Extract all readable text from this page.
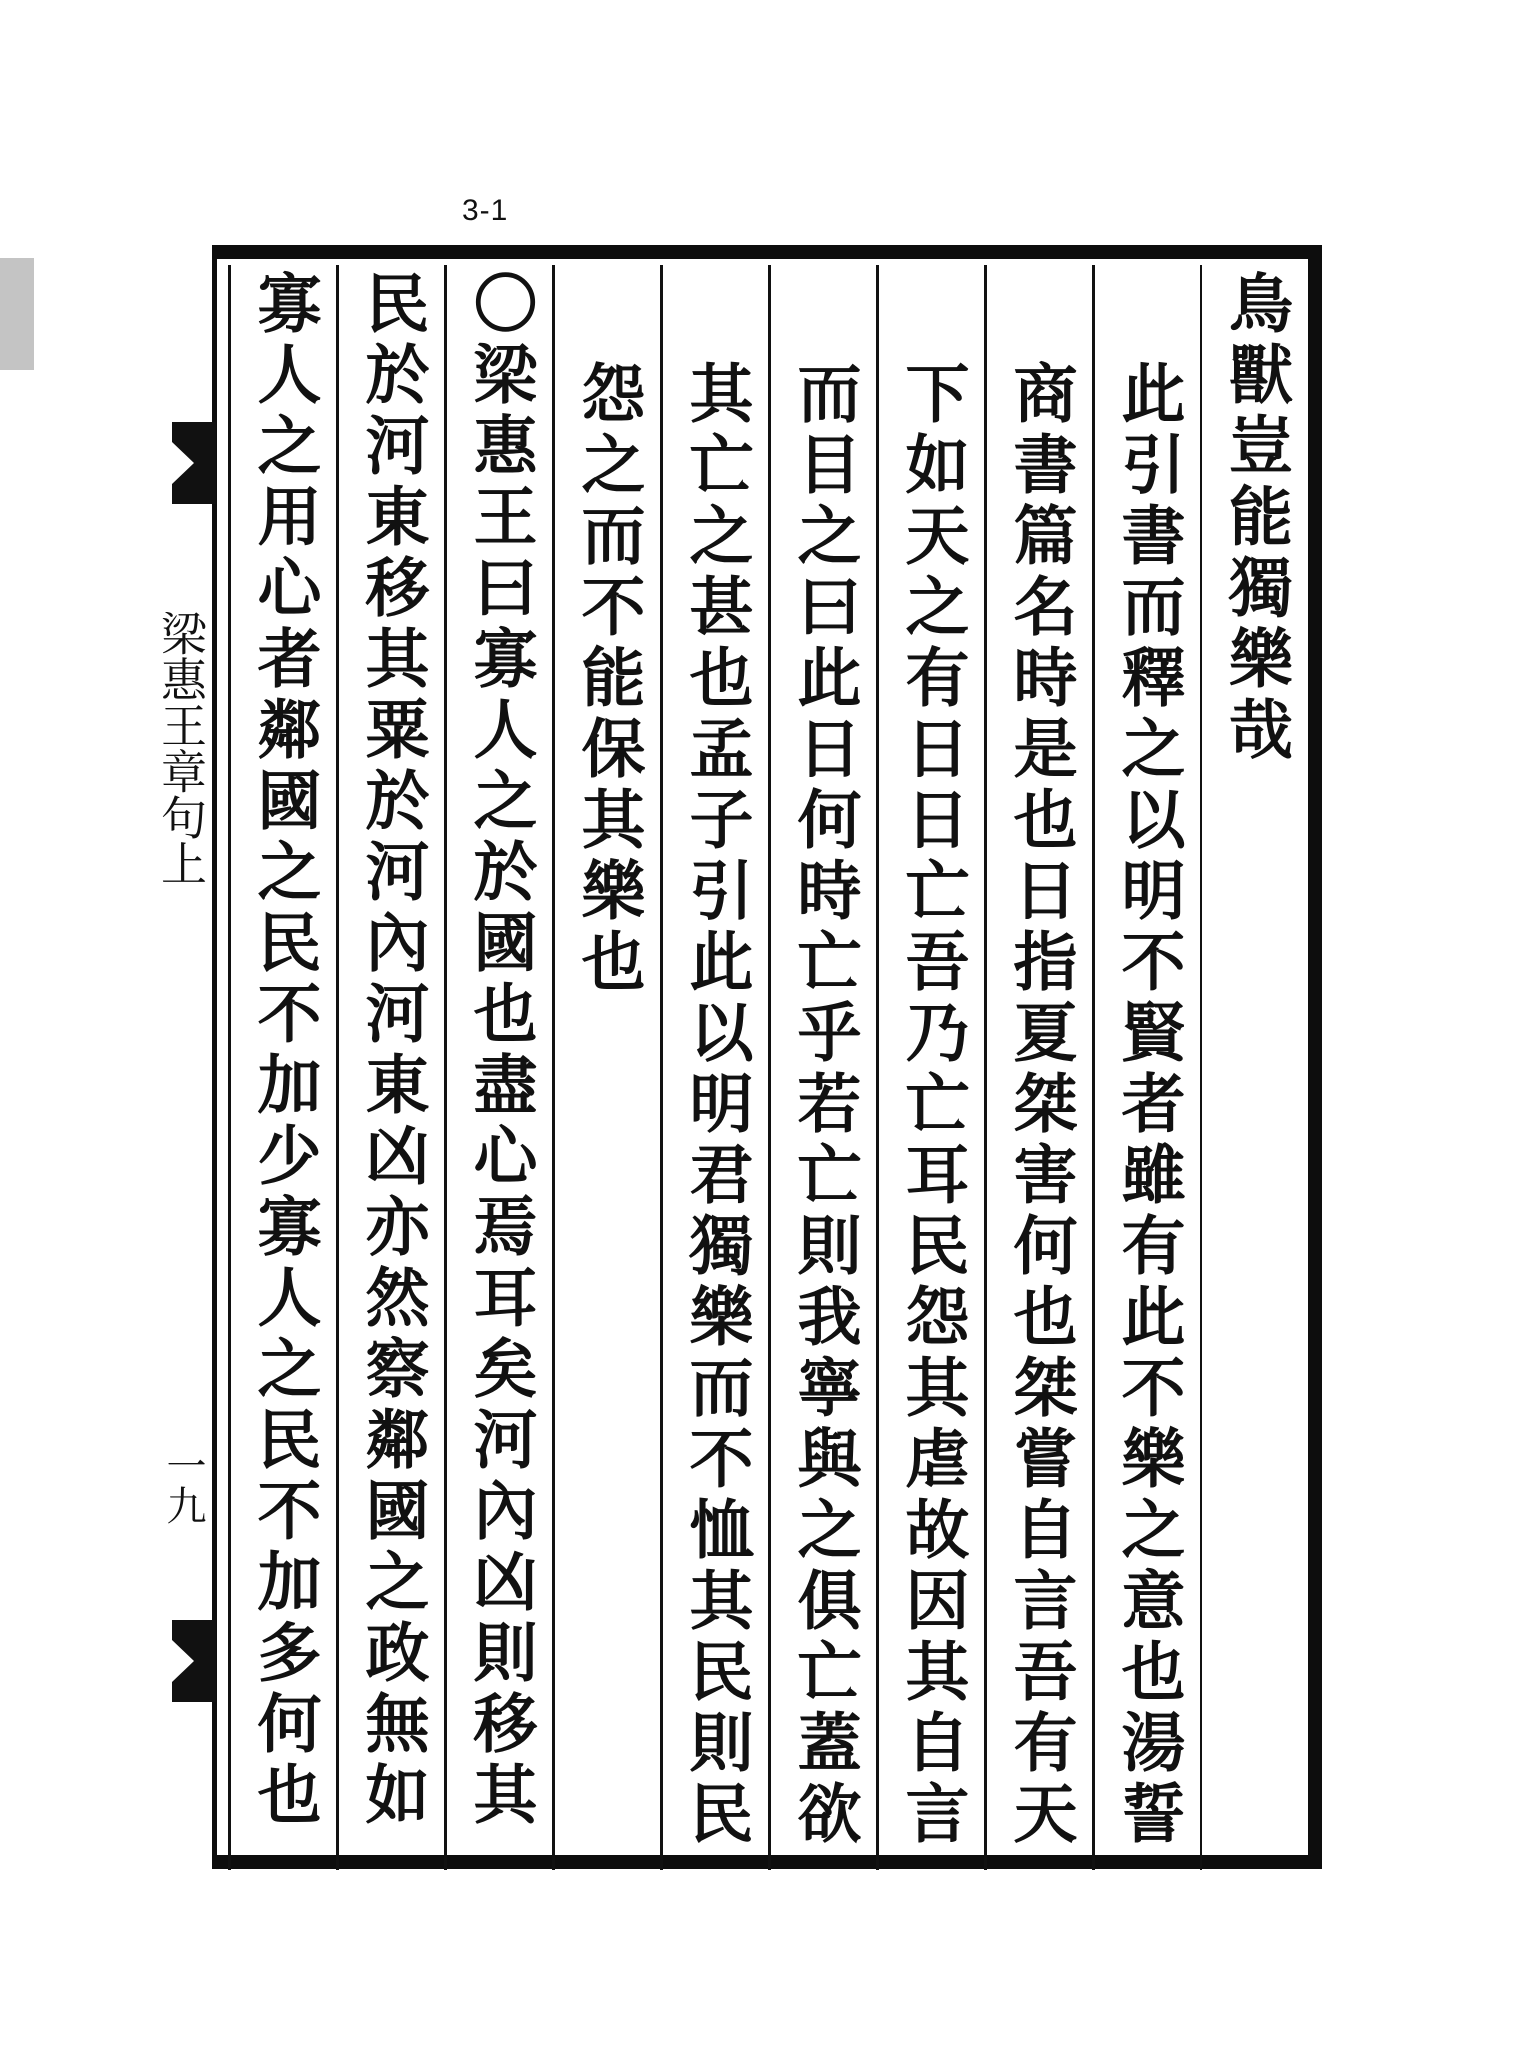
3-1
梁惠王章句上
一九
鳥獸豈能獨樂哉
此引書而釋之以明不賢者雖有此不樂之意也湯誓
商書篇名時是也日指夏桀害何也桀嘗自言吾有天
下如天之有日日亡吾乃亡耳民怨其虐故因其自言
而目之曰此日何時亡乎若亡則我寧與之俱亡蓋欲
其亡之甚也孟子引此以明君獨樂而不恤其民則民
怨之而不能保其樂也
〇梁惠王曰寡人之於國也盡心焉耳矣河內凶則移其
民於河東移其粟於河內河東凶亦然察鄰國之政無如
寡人之用心者鄰國之民不加少寡人之民不加多何也
